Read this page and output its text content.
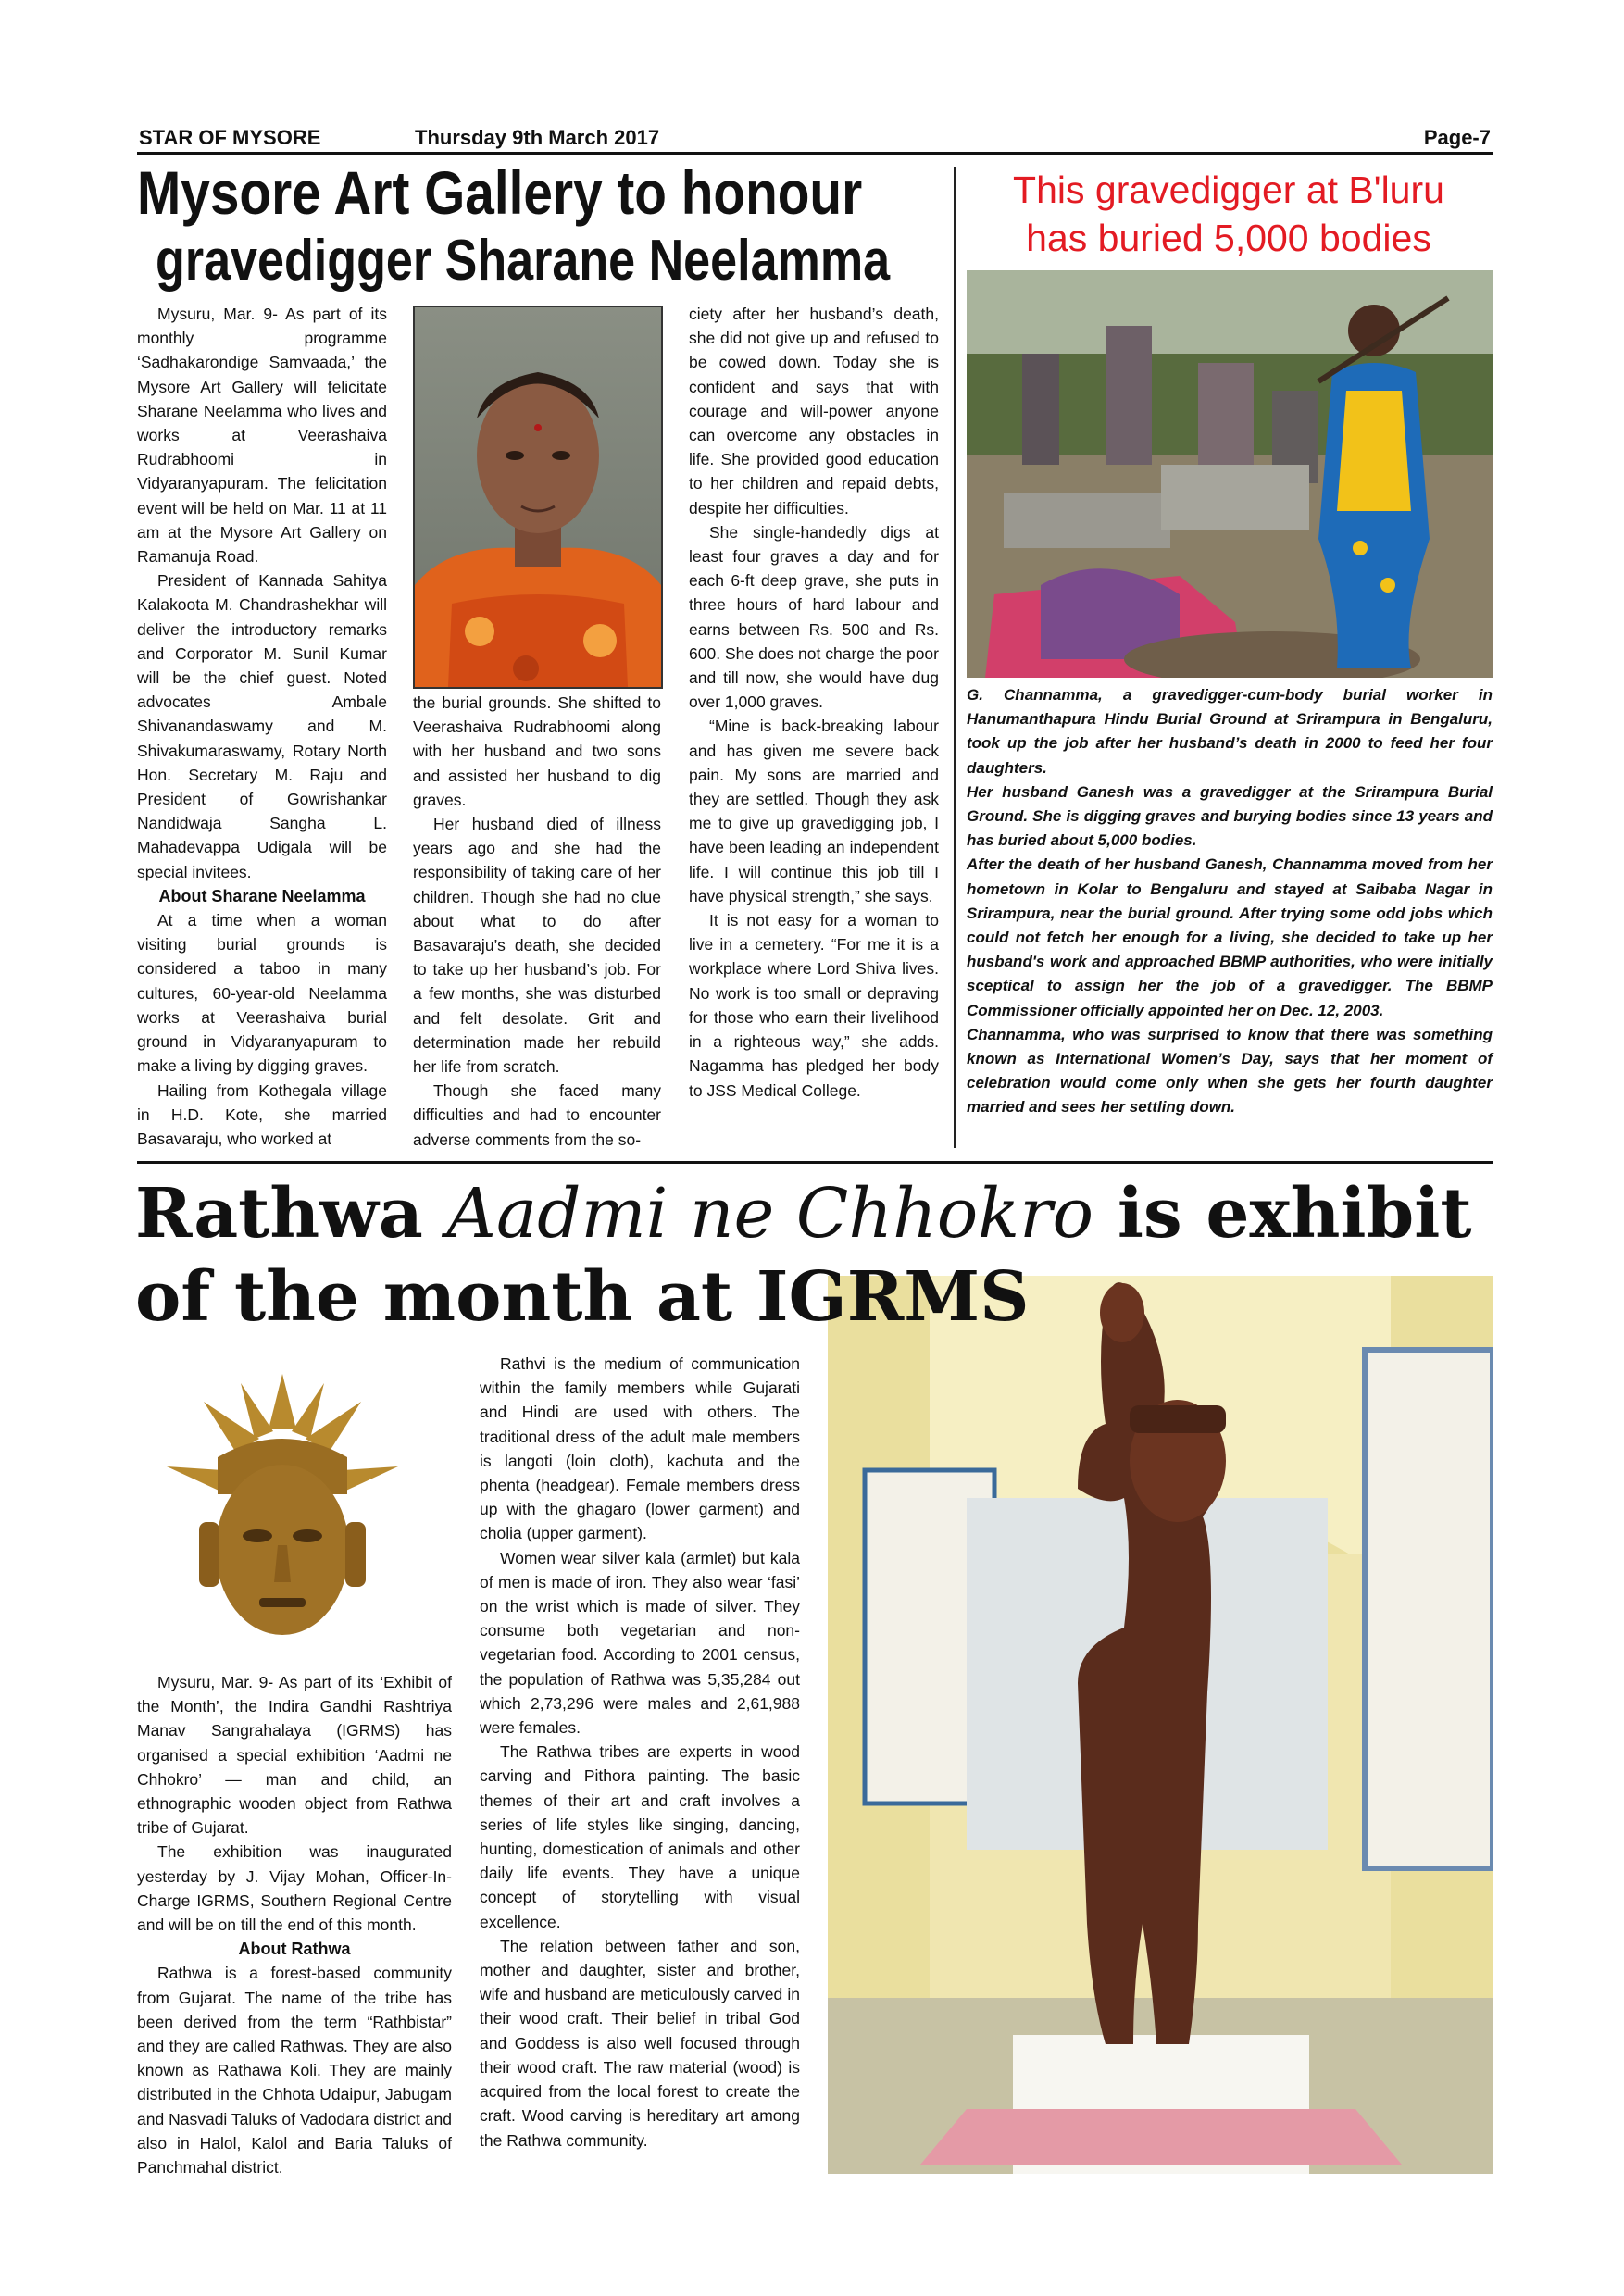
STAR OF MYSORE	Thursday 9th March 2017	Page-7
Mysore Art Gallery to honour
gravedigger Sharane Neelamma

Mysuru, Mar. 9- As part of its monthly programme ‘Sadhakarondige Samvaada,’ the Mysore Art Gallery will felicitate Sharane Neelamma who lives and works at Veerashaiva Rudrabhoomi in Vidyaranyapuram. The felicitation event will be held on Mar. 11 at 11 am at the Mysore Art Gallery on Ramanuja Road.

President of Kannada Sahitya Kalakoota M. Chandrashekhar will deliver the introductory remarks and Corporator M. Sunil Kumar will be the chief guest. Noted advocates Ambale Shivanandaswamy and M. Shivakumaraswamy, Rotary North Hon. Secretary M. Raju and President of Gowrishankar Nandidwaja Sangha L. Mahadevappa Udigala will be special invitees.

About Sharane Neelamma

At a time when a woman visiting burial grounds is considered a taboo in many cultures, 60-year-old Neelamma works at Veerashaiva burial ground in Vidyaranyapuram to make a living by digging graves.

Hailing from Kothegala village in H.D. Kote, she married Basavaraju, who worked at

the burial grounds. She shifted to Veerashaiva Rudrabhoomi along with her husband and two sons and assisted her husband to dig graves.

Her husband died of illness years ago and she had the responsibility of taking care of her children. Though she had no clue about what to do after Basavaraju’s death, she decided to take up her husband’s job. For a few months, she was disturbed and felt desolate. Grit and determination made her rebuild her life from scratch.

Though she faced many difficulties and had to encounter adverse comments from the so-

ciety after her husband’s death, she did not give up and refused to be cowed down. Today she is confident and says that with courage and will-power anyone can overcome any obstacles in life. She provided good education to her children and repaid debts, despite her difficulties.

She single-handedly digs at least four graves a day and for each 6-ft deep grave, she puts in three hours of hard labour and earns between Rs. 500 and Rs. 600. She does not charge the poor and till now, she would have dug over 1,000 graves.

“Mine is back-breaking labour and has given me severe back pain. My sons are married and they are settled. Though they ask me to give up gravedigging job, I have been leading an independent life. I will continue this job till I have physical strength,” she says.

It is not easy for a woman to live in a cemetery. “For me it is a workplace where Lord Shiva lives. No work is too small or depraving for those who earn their livelihood in a righteous way,” she adds. Nagamma has pledged her body to JSS Medical College.

This gravedigger at B'luru
has buried 5,000 bodies

G. Channamma, a gravedigger-cum-body burial worker in Hanumanthapura Hindu Burial Ground at Srirampura in Bengaluru, took up the job after her husband’s death in 2000 to feed her four daughters.

Her husband Ganesh was a gravedigger at the Srirampura Burial Ground. She is digging graves and burying bodies since 13 years and has buried about 5,000 bodies.

After the death of her husband Ganesh, Channamma moved from her hometown in Kolar to Bengaluru and stayed at Saibaba Nagar in Srirampura, near the burial ground. After trying some odd jobs which could not fetch her enough for a living, she decided to take up her husband's work and approached BBMP authorities, who were initially sceptical to assign her the job of a gravedigger. The BBMP Commissioner officially appointed her on Dec. 12, 2003.

Channamma, who was surprised to know that there was something known as International Women’s Day, says that her moment of celebration would come only when she gets her fourth daughter married and sees her settling down.

Rathwa Aadmi ne Chhokro is exhibit
of the month at IGRMS

Mysuru, Mar. 9- As part of its ‘Exhibit of the Month’, the Indira Gandhi Rashtriya Manav Sangrahalaya (IGRMS) has organised a special exhibition ‘Aadmi ne Chhokro’ — man and child, an ethnographic wooden object from Rathwa tribe of Gujarat.

The exhibition was inaugurated yesterday by J. Vijay Mohan, Officer-In-Charge IGRMS, Southern Regional Centre and will be on till the end of this month.

About Rathwa

Rathwa is a forest-based community from Gujarat. The name of the tribe has been derived from the term “Rathbistar” and they are called Rathwas. They are also known as Rathawa Koli. They are mainly distributed in the Chhota Udaipur, Jabugam and Nasvadi Taluks of Vadodara district and also in Halol, Kalol and Baria Taluks of Panchmahal district.

Rathvi is the medium of communication within the family members while Gujarati and Hindi are used with others. The traditional dress of the adult male members is langoti (loin cloth), kachuta and the phenta (headgear). Female members dress up with the ghagaro (lower garment) and cholia (upper garment).

Women wear silver kala (armlet) but kala of men is made of iron. They also wear ‘fasi’ on the wrist which is made of silver. They consume both vegetarian and non-vegetarian food. According to 2001 census, the population of Rathwa was 5,35,284 out which 2,73,296 were males and 2,61,988 were females.

The Rathwa tribes are experts in wood carving and Pithora painting. The basic themes of their art and craft involves a series of life styles like singing, dancing, hunting, domestication of animals and other daily life events. They have a unique concept of storytelling with visual excellence.

The relation between father and son, mother and daughter, sister and brother, wife and husband are meticulously carved in their wood craft. Their belief in tribal God and Goddess is also well focused through their wood craft. The raw material (wood) is acquired from the local forest to create the craft. Wood carving is hereditary art among the Rathwa community.
